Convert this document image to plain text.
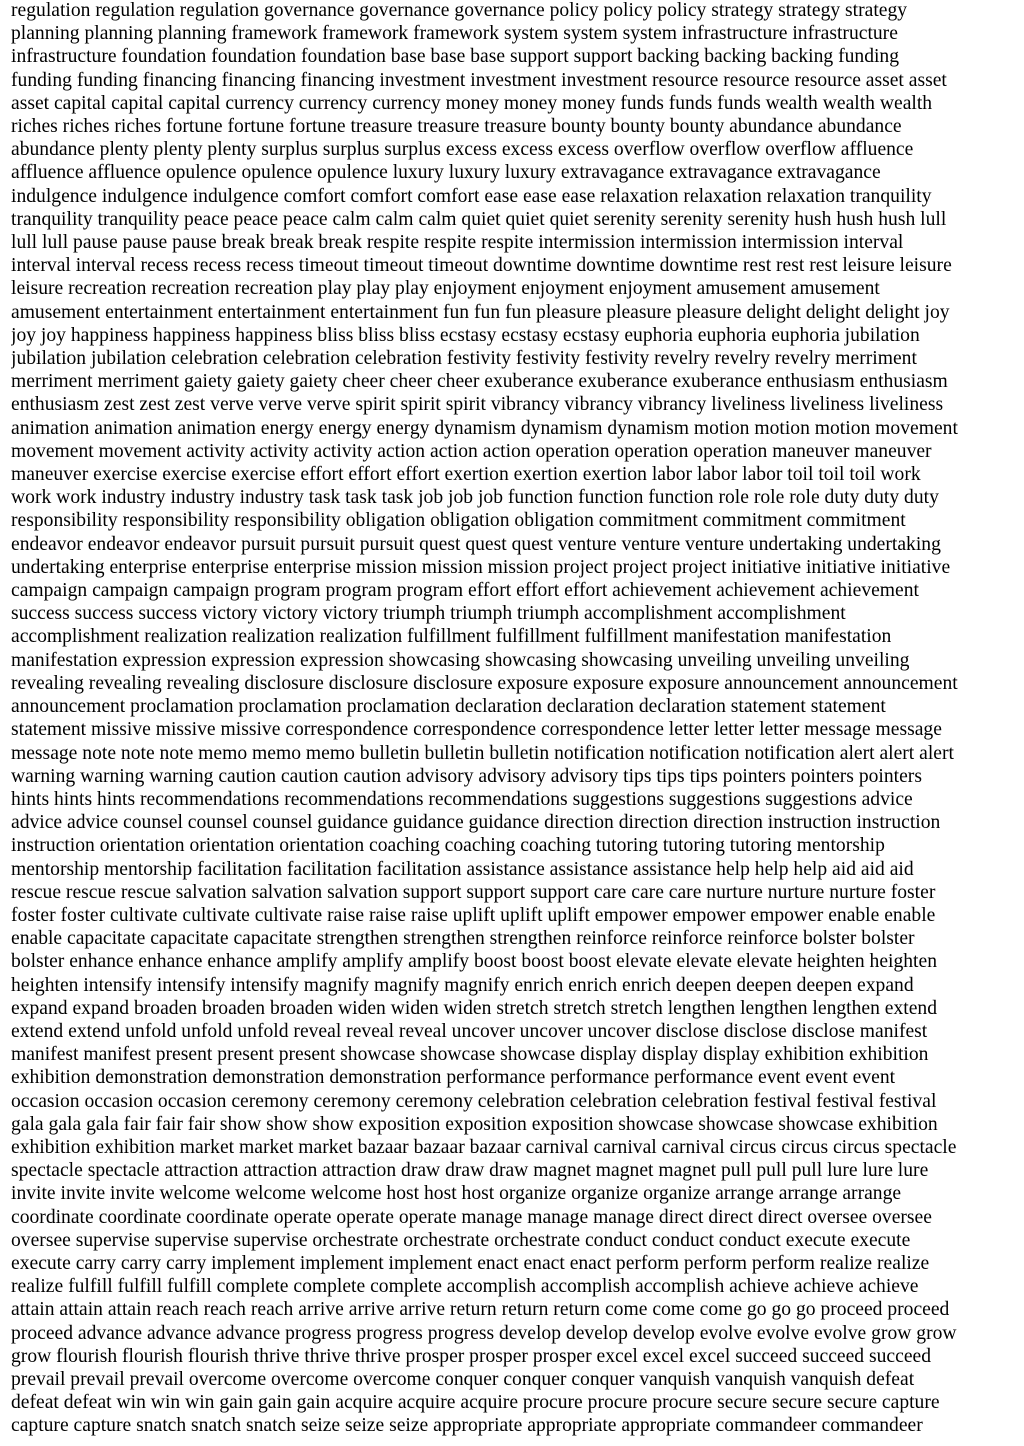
regulation regulation regulation governance governance governance policy policy policy strategy strategy strategy
planning planning planning framework framework framework system system system infrastructure infrastructure
infrastructure foundation foundation foundation base base base support support backing backing backing funding
funding funding financing financing financing investment investment investment resource resource resource asset asset
asset capital capital capital currency currency currency money money money funds funds funds wealth wealth wealth
riches riches riches fortune fortune fortune treasure treasure treasure bounty bounty bounty abundance abundance
abundance plenty plenty plenty surplus surplus surplus excess excess excess overflow overflow overflow affluence
affluence affluence opulence opulence opulence luxury luxury luxury extravagance extravagance extravagance
indulgence indulgence indulgence comfort comfort comfort ease ease ease relaxation relaxation relaxation tranquility
tranquility tranquility peace peace peace calm calm calm quiet quiet quiet serenity serenity serenity hush hush hush lull
lull lull pause pause pause break break break respite respite respite intermission intermission intermission interval
interval interval recess recess recess timeout timeout timeout downtime downtime downtime rest rest rest leisure leisure
leisure recreation recreation recreation play play play enjoyment enjoyment enjoyment amusement amusement
amusement entertainment entertainment entertainment fun fun fun pleasure pleasure pleasure delight delight delight joy
joy joy happiness happiness happiness bliss bliss bliss ecstasy ecstasy ecstasy euphoria euphoria euphoria jubilation
jubilation jubilation celebration celebration celebration festivity festivity festivity revelry revelry revelry merriment
merriment merriment gaiety gaiety gaiety cheer cheer cheer exuberance exuberance exuberance enthusiasm enthusiasm
enthusiasm zest zest zest verve verve verve spirit spirit spirit vibrancy vibrancy vibrancy liveliness liveliness liveliness
animation animation animation energy energy energy dynamism dynamism dynamism motion motion motion movement
movement movement activity activity activity action action action operation operation operation maneuver maneuver
maneuver exercise exercise exercise effort effort effort exertion exertion exertion labor labor labor toil toil toil work
work work industry industry industry task task task job job job function function function role role role duty duty duty
responsibility responsibility responsibility obligation obligation obligation commitment commitment commitment
endeavor endeavor endeavor pursuit pursuit pursuit quest quest quest venture venture venture undertaking undertaking
undertaking enterprise enterprise enterprise mission mission mission project project project initiative initiative initiative
campaign campaign campaign program program program effort effort effort achievement achievement achievement
success success success victory victory victory triumph triumph triumph accomplishment accomplishment
accomplishment realization realization realization fulfillment fulfillment fulfillment manifestation manifestation
manifestation expression expression expression showcasing showcasing showcasing unveiling unveiling unveiling
revealing revealing revealing disclosure disclosure disclosure exposure exposure exposure announcement announcement
announcement proclamation proclamation proclamation declaration declaration declaration statement statement
statement missive missive missive correspondence correspondence correspondence letter letter letter message message
message note note note memo memo memo bulletin bulletin bulletin notification notification notification alert alert alert
warning warning warning caution caution caution advisory advisory advisory tips tips tips pointers pointers pointers
hints hints hints recommendations recommendations recommendations suggestions suggestions suggestions advice
advice advice counsel counsel counsel guidance guidance guidance direction direction direction instruction instruction
instruction orientation orientation orientation coaching coaching coaching tutoring tutoring tutoring mentorship
mentorship mentorship facilitation facilitation facilitation assistance assistance assistance help help help aid aid aid
rescue rescue rescue salvation salvation salvation support support support care care care nurture nurture nurture foster
foster foster cultivate cultivate cultivate raise raise raise uplift uplift uplift empower empower empower enable enable
enable capacitate capacitate capacitate strengthen strengthen strengthen reinforce reinforce reinforce bolster bolster
bolster enhance enhance enhance amplify amplify amplify boost boost boost elevate elevate elevate heighten heighten
heighten intensify intensify intensify magnify magnify magnify enrich enrich enrich deepen deepen deepen expand
expand expand broaden broaden broaden widen widen widen stretch stretch stretch lengthen lengthen lengthen extend
extend extend unfold unfold unfold reveal reveal reveal uncover uncover uncover disclose disclose disclose manifest
manifest manifest present present present showcase showcase showcase display display display exhibition exhibition
exhibition demonstration demonstration demonstration performance performance performance event event event
occasion occasion occasion ceremony ceremony ceremony celebration celebration celebration festival festival festival
gala gala gala fair fair fair show show show exposition exposition exposition showcase showcase showcase exhibition
exhibition exhibition market market market bazaar bazaar bazaar carnival carnival carnival circus circus circus spectacle
spectacle spectacle attraction attraction attraction draw draw draw magnet magnet magnet pull pull pull lure lure lure
invite invite invite welcome welcome welcome host host host organize organize organize arrange arrange arrange
coordinate coordinate coordinate operate operate operate manage manage manage direct direct direct oversee oversee
oversee supervise supervise supervise orchestrate orchestrate orchestrate conduct conduct conduct execute execute
execute carry carry carry implement implement implement enact enact enact perform perform perform realize realize
realize fulfill fulfill fulfill complete complete complete accomplish accomplish accomplish achieve achieve achieve
attain attain attain reach reach reach arrive arrive arrive return return return come come come go go go proceed proceed
proceed advance advance advance progress progress progress develop develop develop evolve evolve evolve grow grow
grow flourish flourish flourish thrive thrive thrive prosper prosper prosper excel excel excel succeed succeed succeed
prevail prevail prevail overcome overcome overcome conquer conquer conquer vanquish vanquish vanquish defeat
defeat defeat win win win gain gain gain acquire acquire acquire procure procure procure secure secure secure capture
capture capture snatch snatch snatch seize seize seize appropriate appropriate appropriate commandeer commandeer
